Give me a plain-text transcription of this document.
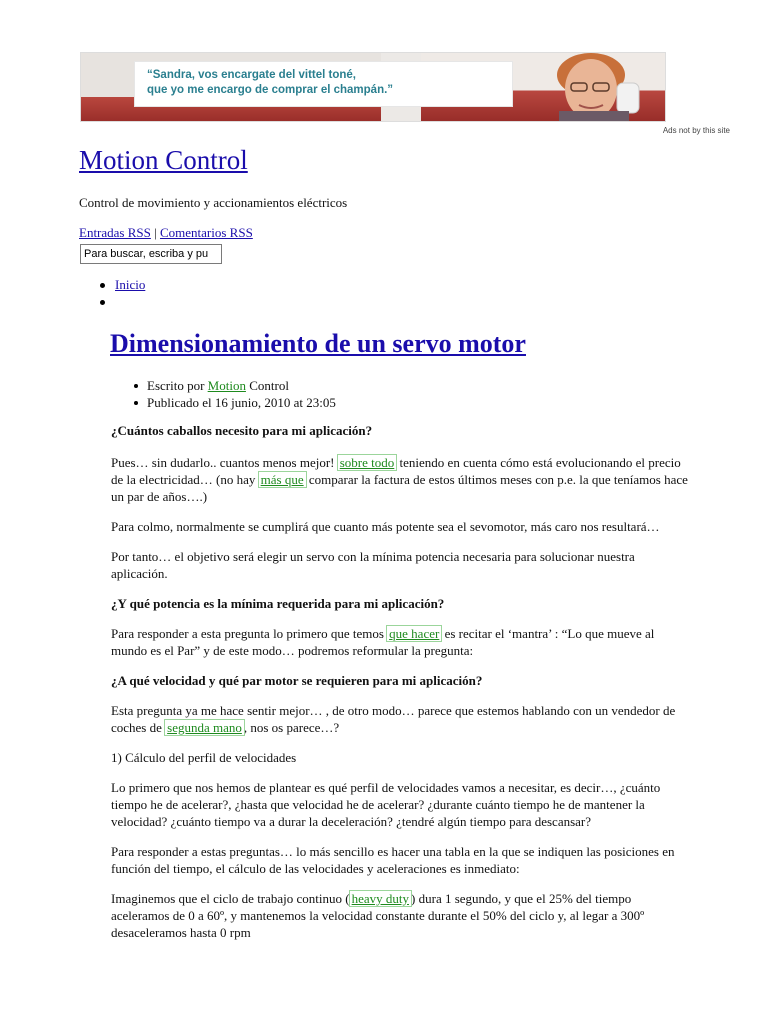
“Sandra, vos encargate del vittel toné,
que yo me encargo de comprar el champán.”

Ads not by this site
Motion Control

Control de movimiento y accionamientos eléctricos

Entradas RSS | Comentarios RSS
Para buscar, escriba y pu
Inicio
Dimensionamiento de un servo motor
Escrito por Motion Control
Publicado el 16 junio, 2010 at 23:05

¿Cuántos caballos necesito para mi aplicación?

Pues… sin dudarlo.. cuantos menos mejor! sobre todo teniendo en cuenta cómo está evolucionando el precio de la electricidad… (no hay más que comparar la factura de estos últimos meses con p.e. la que teníamos hace un par de años….)

Para colmo, normalmente se cumplirá que cuanto más potente sea el sevomotor, más caro nos resultará…

Por tanto… el objetivo será elegir un servo con la mínima potencia necesaria para solucionar nuestra aplicación.

¿Y qué potencia es la mínima requerida para mi aplicación?

Para responder a esta pregunta lo primero que temos que hacer es recitar el ‘mantra’ : “Lo que mueve al mundo es el Par” y de este modo… podremos reformular la pregunta:

¿A qué velocidad y qué par motor se requieren para mi aplicación?

Esta pregunta ya me hace sentir mejor… , de otro modo… parece que estemos hablando con un vendedor de coches de segunda mano , nos os parece…?

1) Cálculo del perfil de velocidades

Lo primero que nos hemos de plantear es qué perfil de velocidades vamos a necesitar, es decir…, ¿cuánto tiempo he de acelerar?, ¿hasta que velocidad he de acelerar? ¿durante cuánto tiempo he de mantener la velocidad? ¿cuánto tiempo va a durar la deceleración? ¿tendré algún tiempo para descansar?

Para responder a estas preguntas… lo más sencillo es hacer una tabla en la que se indiquen las posiciones en función del tiempo, el cálculo de las velocidades y aceleraciones es inmediato:

Imaginemos que el ciclo de trabajo continuo ( heavy duty ) dura 1 segundo, y que el 25% del tiempo aceleramos de 0 a 60º, y mantenemos la velocidad constante durante el 50% del ciclo y, al legar a 300º desaceleramos hasta 0 rpm
